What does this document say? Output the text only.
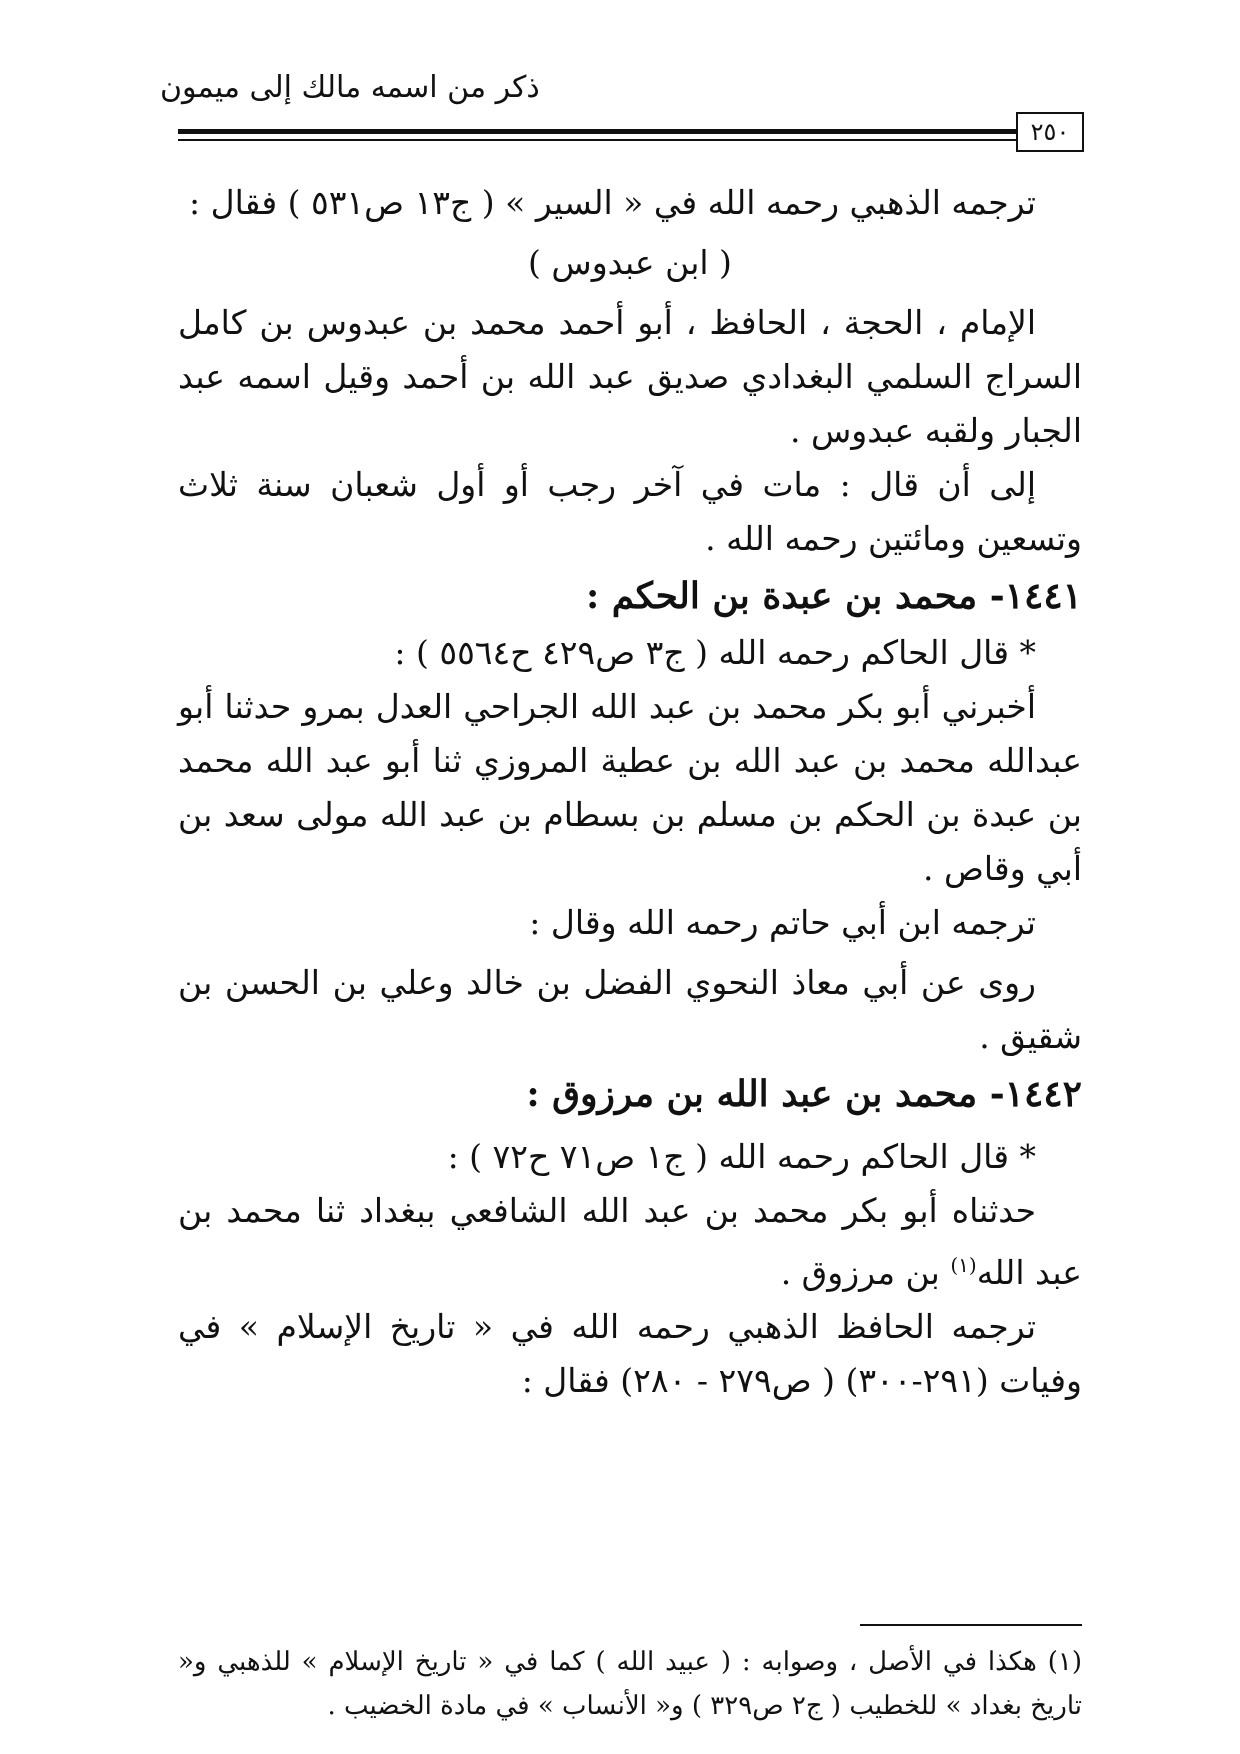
ذكر من اسمه مالك إلى ميمون
٢٥٠

ترجمه الذهبي رحمه الله في « السير » ( ج١٣ ص٥٣١ ) فقال :

( ابن عبدوس )

الإمام ، الحجة ، الحافظ ، أبو أحمد محمد بن عبدوس بن كامل السراج السلمي البغدادي صديق عبد الله بن أحمد وقيل اسمه عبد الجبار ولقبه عبدوس .

إلى أن قال : مات في آخر رجب أو أول شعبان سنة ثلاث وتسعين ومائتين رحمه الله .

١٤٤١- محمد بن عبدة بن الحكم :

* قال الحاكم رحمه الله ( ج٣ ص٤٢٩ ح٥٥٦٤ ) :

أخبرني أبو بكر محمد بن عبد الله الجراحي العدل بمرو حدثنا أبو عبدالله محمد بن عبد الله بن عطية المروزي ثنا أبو عبد الله محمد بن عبدة بن الحكم بن مسلم بن بسطام بن عبد الله مولى سعد بن أبي وقاص .

ترجمه ابن أبي حاتم رحمه الله وقال :

روى عن أبي معاذ النحوي الفضل بن خالد وعلي بن الحسن بن شقيق .

١٤٤٢- محمد بن عبد الله بن مرزوق :

* قال الحاكم رحمه الله ( ج١ ص٧١ ح٧٢ ) :

حدثناه أبو بكر محمد بن عبد الله الشافعي ببغداد ثنا محمد بن عبد الله$^{(١)}$ بن مرزوق .

ترجمه الحافظ الذهبي رحمه الله في « تاريخ الإسلام » في وفيات (٢٩١-٣٠٠) ( ص٢٧٩ - ٢٨٠) فقال :

(١) هكذا في الأصل ، وصوابه : ( عبيد الله ) كما في « تاريخ الإسلام » للذهبي و« تاريخ بغداد » للخطيب ( ج٢ ص٣٢٩ ) و« الأنساب » في مادة الخضيب .
